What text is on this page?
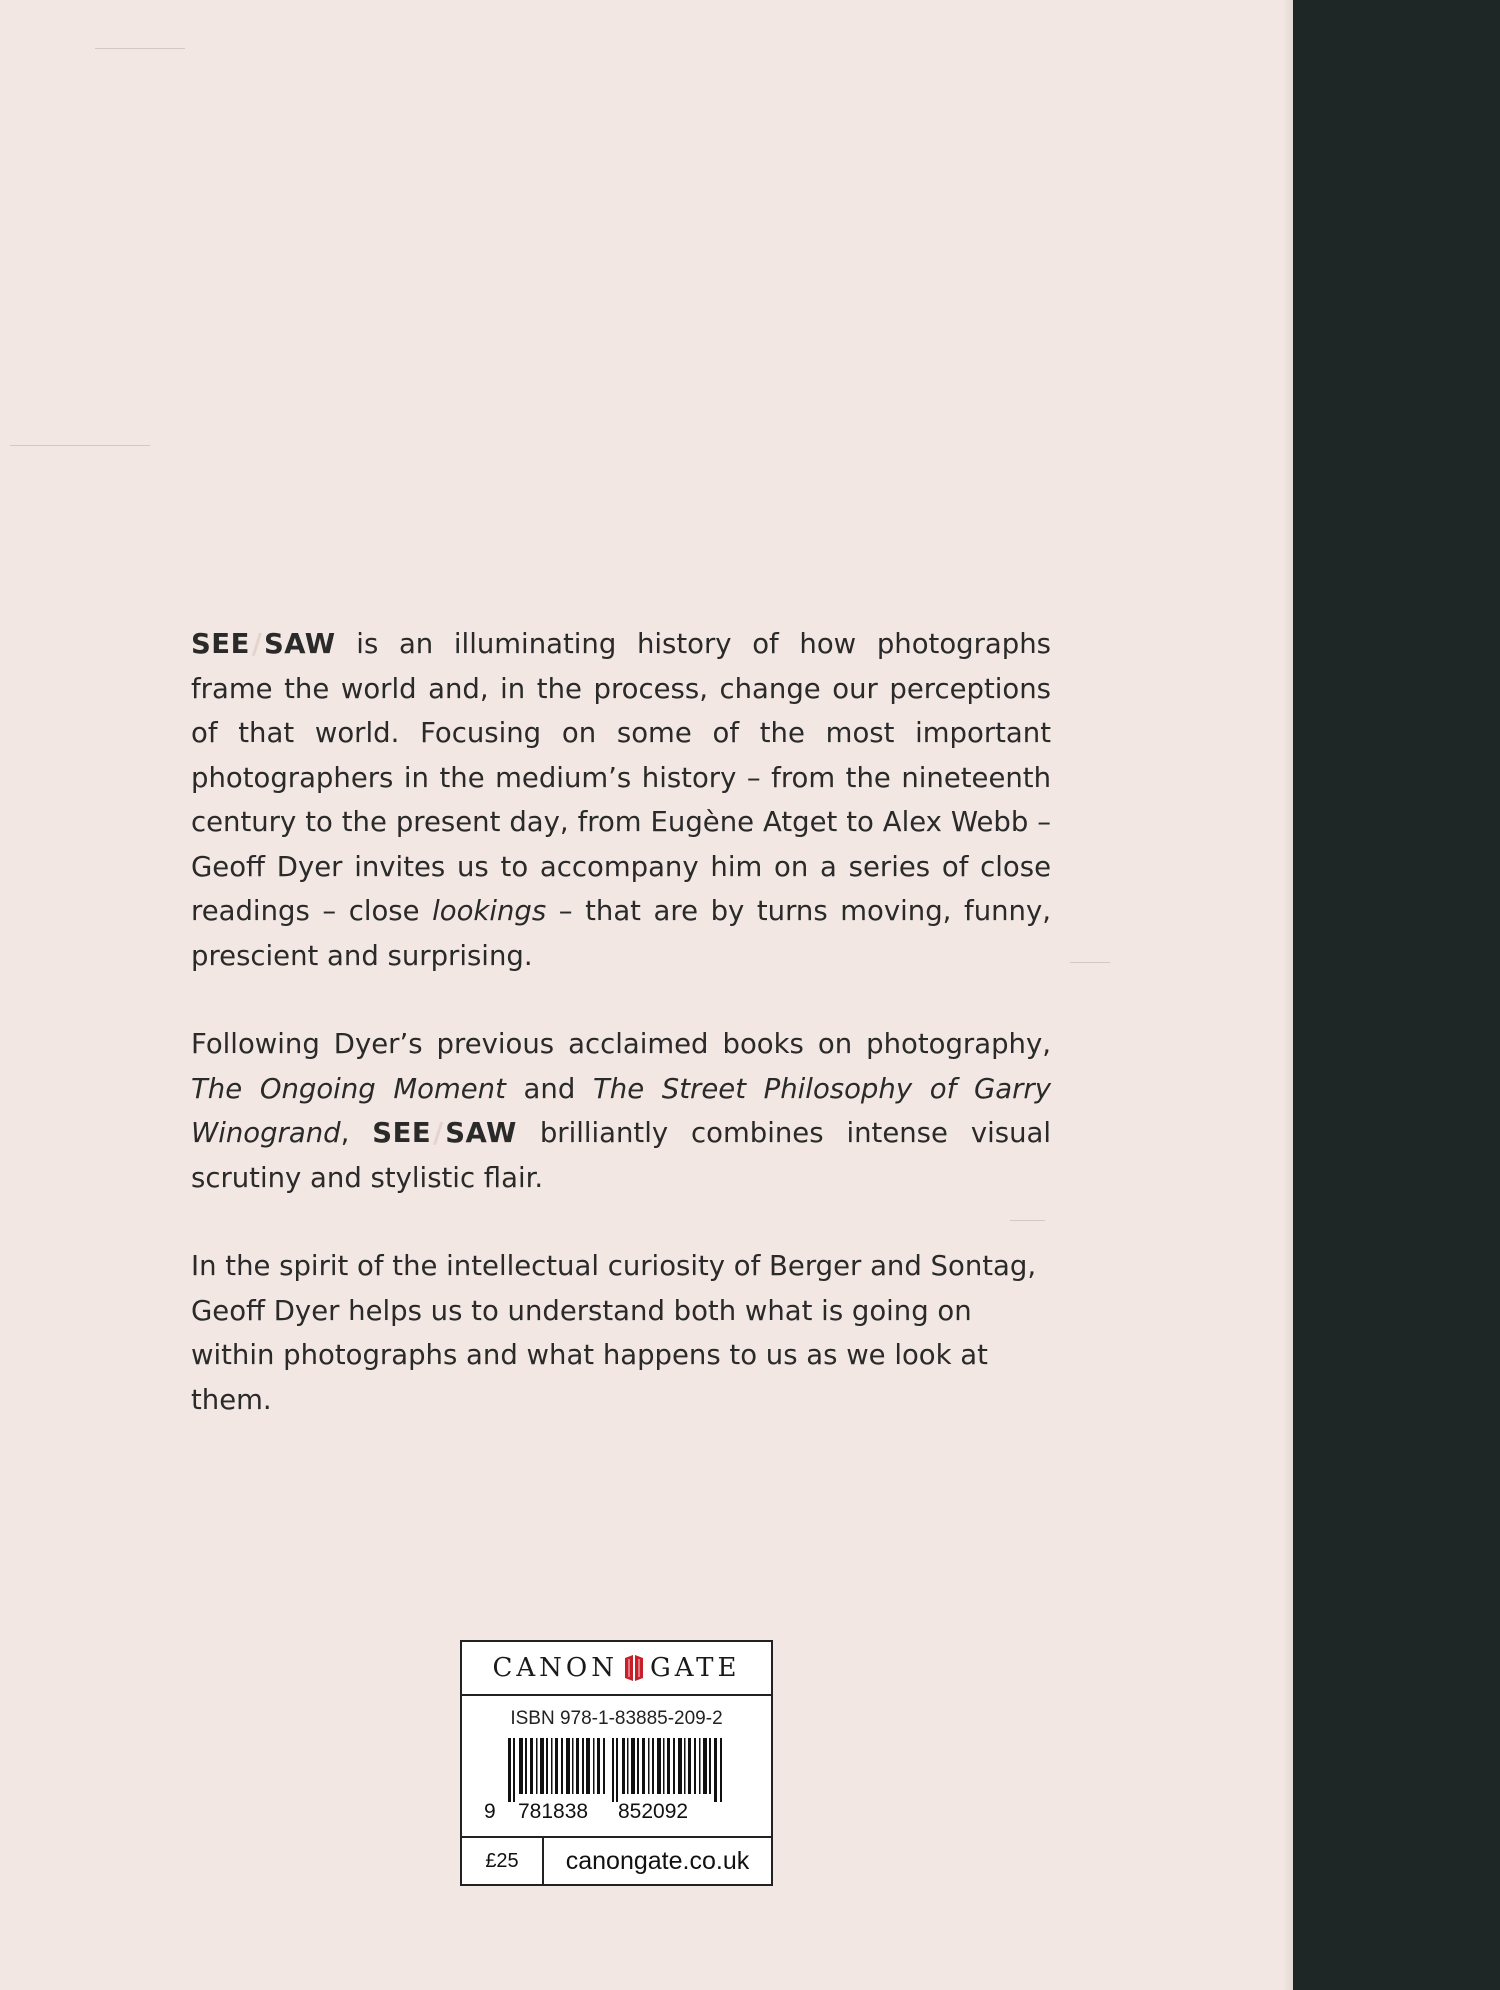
SEE/SAW is an illuminating history of how photographs frame the world and, in the process, change our perceptions of that world. Focusing on some of the most important photographers in the medium’s history – from the nineteenth century to the present day, from Eugène Atget to Alex Webb – Geoff Dyer invites us to accompany him on a series of close readings – close lookings – that are by turns moving, funny, prescient and surprising.

Following Dyer’s previous acclaimed books on photography, The Ongoing Moment and The Street Philosophy of Garry Winogrand, SEE/SAW brilliantly combines intense visual scrutiny and stylistic flair.

In the spirit of the intellectual curiosity of Berger and Sontag, Geoff Dyer helps us to understand both what is going on within photographs and what happens to us as we look at them.

CANON GATE
ISBN 978-1-83885-209-2
9 781838 852092
£25	canongate.co.uk
